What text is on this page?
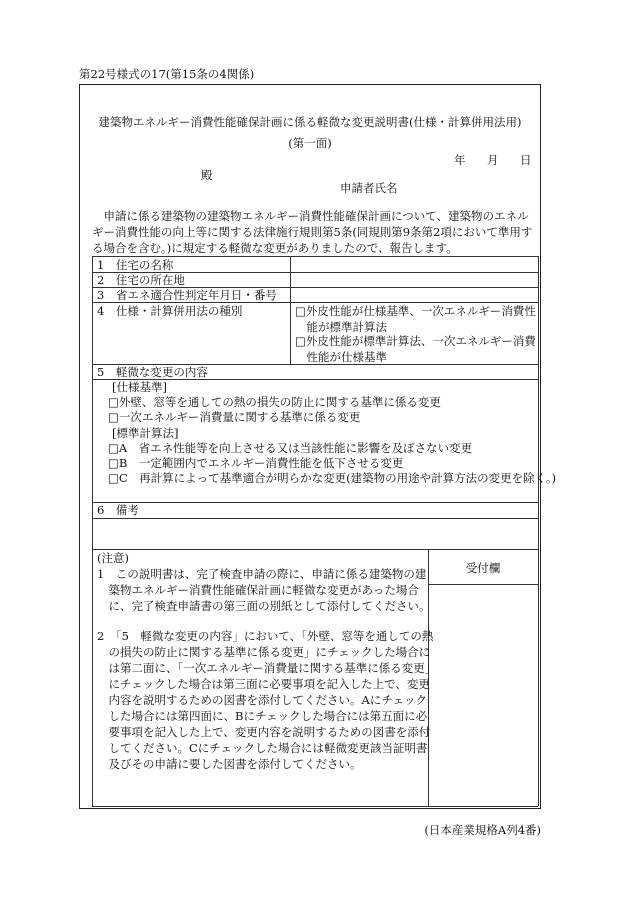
第22号様式の17(第15条の4関係)
建築物エネルギー消費性能確保計画に係る軽微な変更説明書(仕様・計算併用法用)
(第一面)
年 月 日
殿
申請者氏名
申請に係る建築物の建築物エネルギー消費性能確保計画について、建築物のエネルギー消費性能の向上等に関する法律施行規則第5条(同規則第9条第2項において準用する場合を含む。)に規定する軽微な変更がありましたので、報告します。
1　住宅の名称
2　住宅の所在地
3　省エネ適合性判定年月日・番号
4　仕様・計算併用法の種別	□外皮性能が仕様基準、一次エネルギー消費性能が標準計算法
□外皮性能が標準計算法、一次エネルギー消費性能が仕様基準
5　軽微な変更の内容
[仕様基準]
□外壁、窓等を通しての熱の損失の防止に関する基準に係る変更
□一次エネルギー消費量に関する基準に係る変更
[標準計算法]
□A　省エネ性能等を向上させる又は当該性能に影響を及ぼさない変更
□B　一定範囲内でエネルギー消費性能を低下させる変更
□C　再計算によって基準適合が明らかな変更(建築物の用途や計算方法の変更を除く。)
6　備考
(注意)
1　この説明書は、完了検査申請の際に、申請に係る建築物の建築物エネルギー消費性能確保計画に軽微な変更があった場合に、完了検査申請書の第三面の別紙として添付してください。
2　「5　軽微な変更の内容」において、「外壁、窓等を通しての熱の損失の防止に関する基準に係る変更」にチェックした場合には第二面に、「一次エネルギー消費量に関する基準に係る変更」にチェックした場合は第三面に必要事項を記入した上で、変更内容を説明するための図書を添付してください。Aにチェックした場合には第四面に、Bにチェックした場合には第五面に必要事項を記入した上で、変更内容を説明するための図書を添付してください。Cにチェックした場合には軽微変更該当証明書及びその申請に要した図書を添付してください。
受付欄
(日本産業規格A列4番)
